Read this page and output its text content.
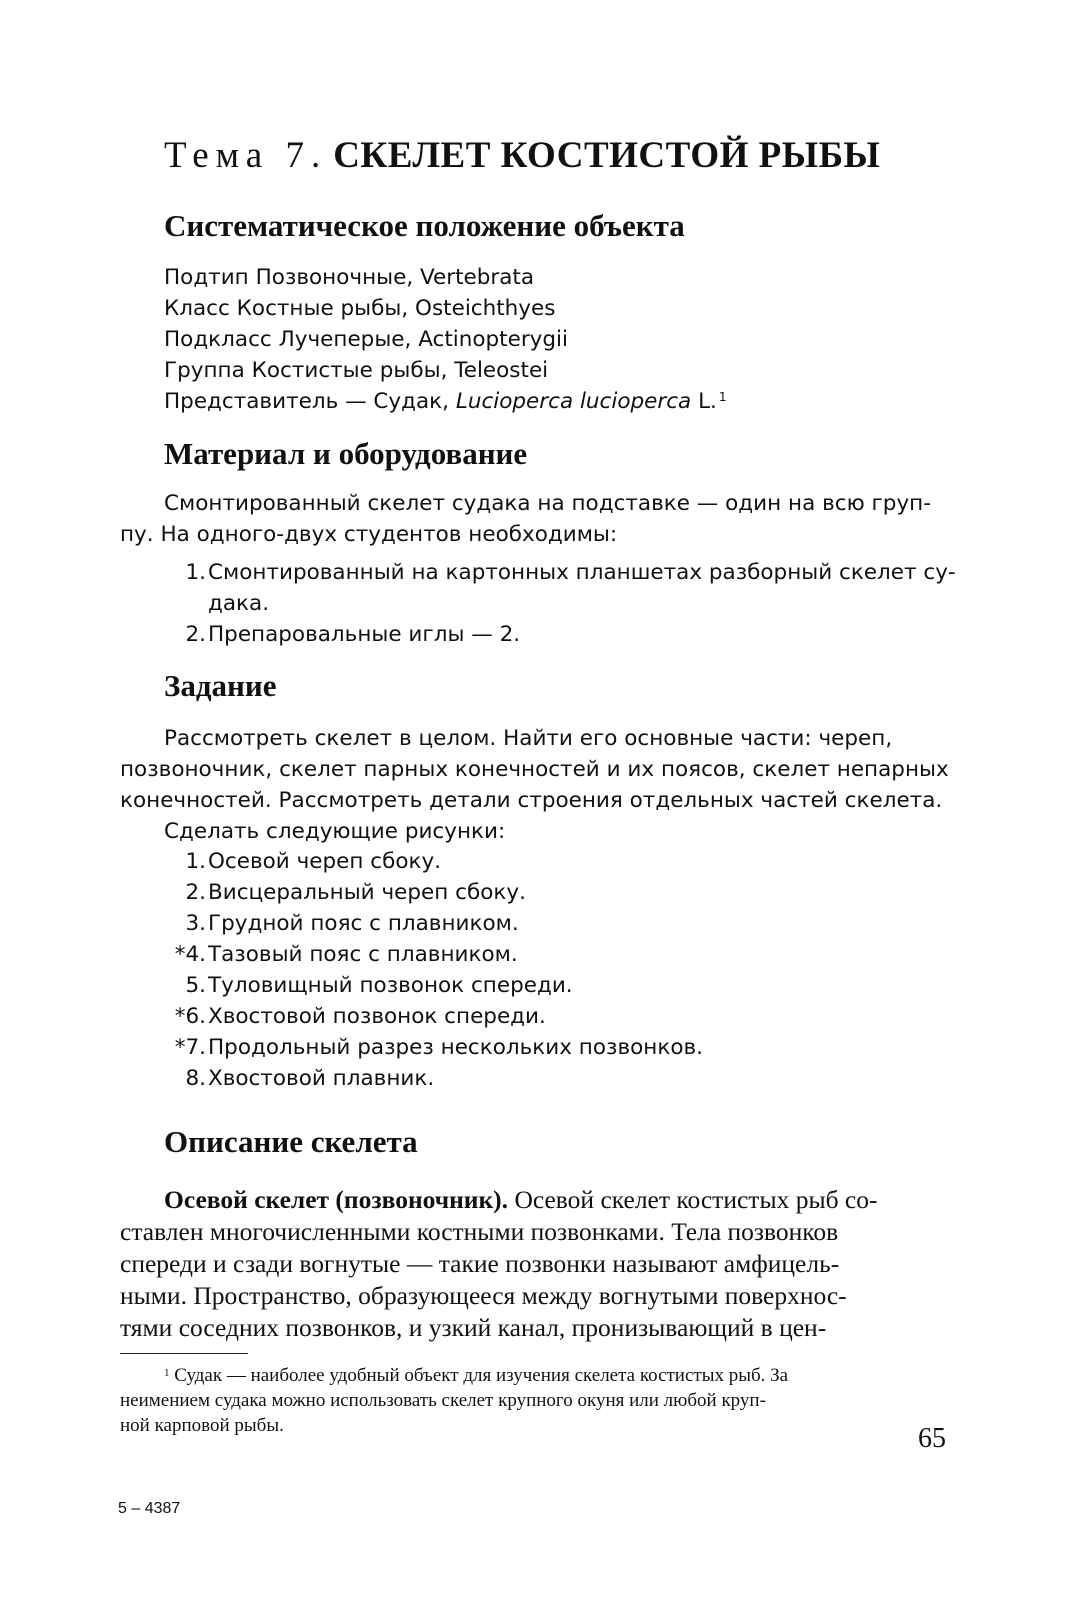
Тема 7. СКЕЛЕТ КОСТИСТОЙ РЫБЫ
Систематическое положение объекта
Подтип Позвоночные, Vertebrata
Класс Костные рыбы, Osteichthyes
Подкласс Лучеперые, Actinopterygii
Группа Костистые рыбы, Teleostei
Представитель — Судак, Lucioperca lucioperca L. $^1$
Материал и оборудование
Смонтированный скелет судака на подставке — один на всю груп-
пу. На одного-двух студентов необходимы:
1. Смонтированный на картонных планшетах разборный скелет су-
дака.
2. Препаровальные иглы — 2.
Задание
Рассмотреть скелет в целом. Найти его основные части: череп,
позвоночник, скелет парных конечностей и их поясов, скелет непарных
конечностей. Рассмотреть детали строения отдельных частей скелета.
Сделать следующие рисунки:
1. Осевой череп сбоку.
2. Висцеральный череп сбоку.
3. Грудной пояс с плавником.
*4. Тазовый пояс с плавником.
5. Туловищный позвонок спереди.
*6. Хвостовой позвонок спереди.
*7. Продольный разрез нескольких позвонков.
8. Хвостовой плавник.
Описание скелета
Осевой скелет (позвоночник). Осевой скелет костистых рыб со-
ставлен многочисленными костными позвонками. Тела позвонков
спереди и сзади вогнутые — такие позвонки называют амфицель-
ными. Пространство, образующееся между вогнутыми поверхнос-
тями соседних позвонков, и узкий канал, пронизывающий в цен-
$^1$ Судак — наиболее удобный объект для изучения скелета костистых рыб. За
неимением судака можно использовать скелет крупного окуня или любой круп-
ной карповой рыбы.	65
5 – 4387
